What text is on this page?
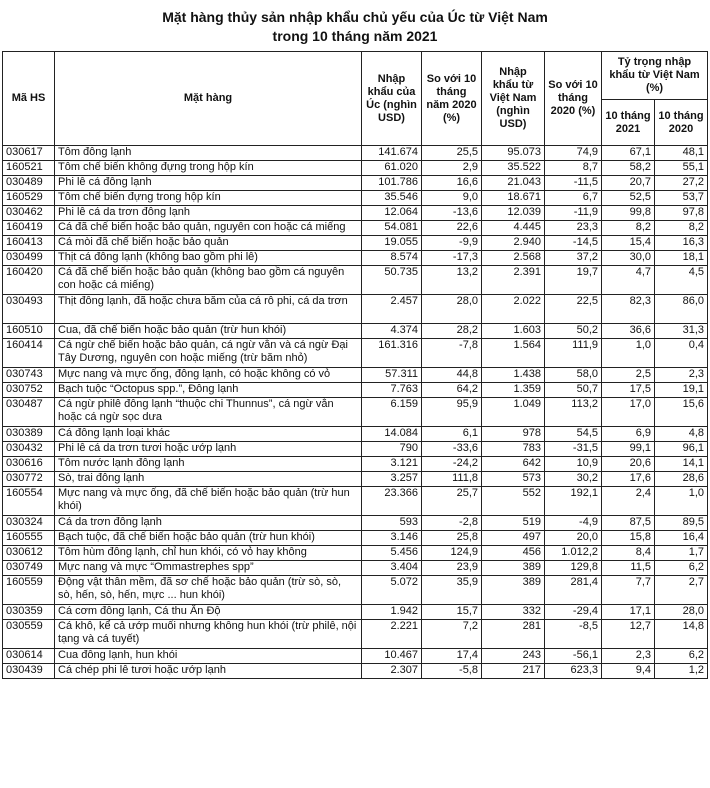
Mặt hàng thủy sản nhập khẩu chủ yếu của Úc từ Việt Nam
trong 10 tháng năm 2021
Mã HS	Mặt hàng	Nhập khẩu của Úc (nghìn USD)	So với 10 tháng năm 2020 (%)	Nhập khẩu từ Việt Nam (nghìn USD)	So với 10 tháng 2020 (%)	Tỷ trọng nhập khẩu từ Việt Nam (%)	
						10 tháng 2021	10 tháng 2020
030617	Tôm đông lạnh	141.674	25,5	95.073	74,9	67,1	48,1
160521	Tôm chế biến không đựng trong hộp kín	61.020	2,9	35.522	8,7	58,2	55,1
030489	Phi lê cá đông lạnh	101.786	16,6	21.043	-11,5	20,7	27,2
160529	Tôm chế biến đựng trong hộp kín	35.546	9,0	18.671	6,7	52,5	53,7
030462	Phi lê cá da trơn đông lạnh	12.064	-13,6	12.039	-11,9	99,8	97,8
160419	Cá đã chế biến hoặc bảo quản, nguyên con hoặc cá miếng	54.081	22,6	4.445	23,3	8,2	8,2
160413	Cá mòi đã chế biến hoặc bảo quản	19.055	-9,9	2.940	-14,5	15,4	16,3
030499	Thịt cá đông lạnh (không bao gồm phi lê)	8.574	-17,3	2.568	37,2	30,0	18,1
160420	Cá đã chế biến hoặc bảo quản (không bao gồm cá nguyên con hoặc cá miếng)	50.735	13,2	2.391	19,7	4,7	4,5
030493	Thịt đông lạnh, đã hoặc chưa băm của cá rô phi, cá da trơn	2.457	28,0	2.022	22,5	82,3	86,0
160510	Cua, đã chế biến hoặc bảo quản (trừ hun khói)	4.374	28,2	1.603	50,2	36,6	31,3
160414	Cá ngừ chế biến hoặc bảo quản, cá ngừ vằn và cá ngừ Đại Tây Dương, nguyên con hoặc miếng (trừ băm nhỏ)	161.316	-7,8	1.564	111,9	1,0	0,4
030743	Mực nang và mực ống, đông lạnh, có hoặc không có vỏ	57.311	44,8	1.438	58,0	2,5	2,3
030752	Bạch tuộc “Octopus spp.”, Đông lạnh	7.763	64,2	1.359	50,7	17,5	19,1
030487	Cá ngừ philê đông lạnh “thuộc chi Thunnus”, cá ngừ vằn hoặc cá ngừ sọc dưa	6.159	95,9	1.049	113,2	17,0	15,6
030389	Cá đông lạnh loại khác	14.084	6,1	978	54,5	6,9	4,8
030432	Phi lê cá da trơn tươi hoặc ướp lạnh	790	-33,6	783	-31,5	99,1	96,1
030616	Tôm nước lạnh đông lạnh	3.121	-24,2	642	10,9	20,6	14,1
030772	Sò, trai đông lạnh	3.257	111,8	573	30,2	17,6	28,6
160554	Mực nang và mực ống, đã chế biến hoặc bảo quản (trừ hun khói)	23.366	25,7	552	192,1	2,4	1,0
030324	Cá da trơn đông lạnh	593	-2,8	519	-4,9	87,5	89,5
160555	Bạch tuộc, đã chế biến hoặc bảo quản (trừ hun khói)	3.146	25,8	497	20,0	15,8	16,4
030612	Tôm hùm đông lạnh, chỉ hun khói, có vỏ hay không	5.456	124,9	456	1.012,2	8,4	1,7
030749	Mực nang và mực “Ommastrephes spp”	3.404	23,9	389	129,8	11,5	6,2
160559	Động vật thân mềm, đã sơ chế hoặc bảo quản (trừ sò, sò, sò, hến, sò, hến, mực ... hun khói)	5.072	35,9	389	281,4	7,7	2,7
030359	Cá cơm đông lạnh, Cá thu Ấn Độ	1.942	15,7	332	-29,4	17,1	28,0
030559	Cá khô, kể cả ướp muối nhưng không hun khói (trừ philê, nội tạng và cá tuyết)	2.221	7,2	281	-8,5	12,7	14,8
030614	Cua đông lạnh, hun khói	10.467	17,4	243	-56,1	2,3	6,2
030439	Cá chép phi lê tươi hoặc ướp lạnh	2.307	-5,8	217	623,3	9,4	1,2
